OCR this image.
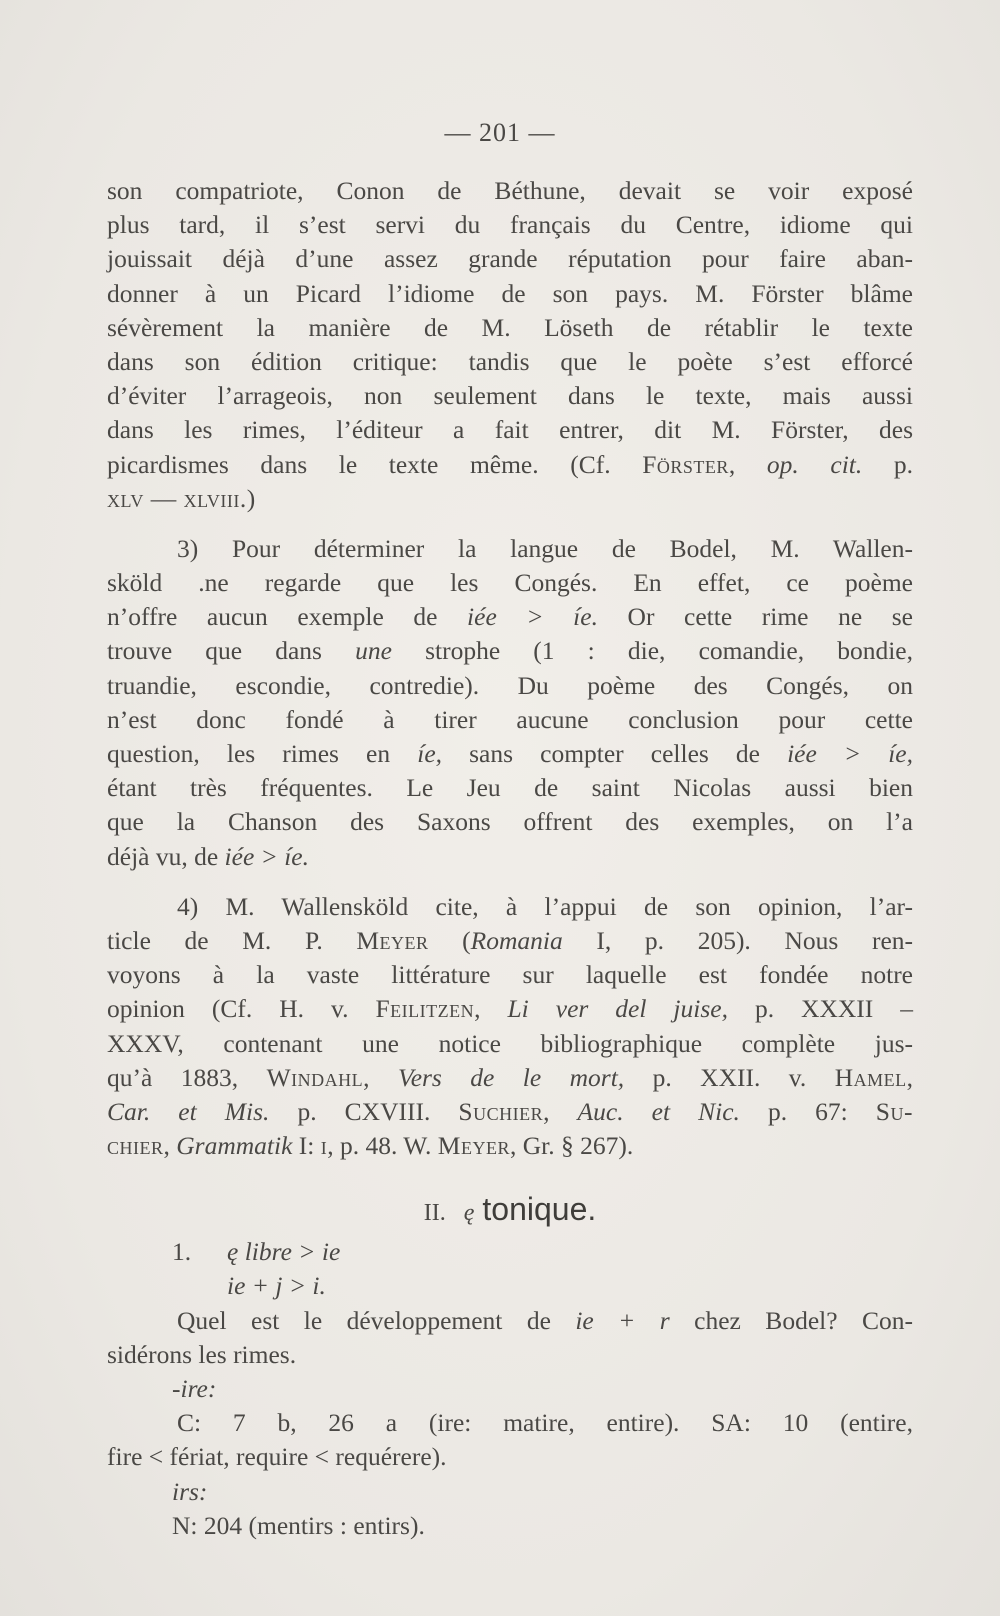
— 201 —
son compatriote, Conon de Béthune, devait se voir exposé
plus tard, il s’est servi du français du Centre, idiome qui
jouissait déjà d’une assez grande réputation pour faire aban-
donner à un Picard l’idiome de son pays. M. Förster blâme
sévèrement la manière de M. Löseth de rétablir le texte
dans son édition critique: tandis que le poète s’est efforcé
d’éviter l’arrageois, non seulement dans le texte, mais aussi
dans les rimes, l’éditeur a fait entrer, dit M. Förster, des
picardismes dans le texte même. (Cf. Förster, op. cit. p.
xlv — xlviii.)
3) Pour déterminer la langue de Bodel, M. Wallen-
sköld .ne regarde que les Congés. En effet, ce poème
n’offre aucun exemple de iée > íe. Or cette rime ne se
trouve que dans une strophe (1 : die, comandie, bondie,
truandie, escondie, contredie). Du poème des Congés, on
n’est donc fondé à tirer aucune conclusion pour cette
question, les rimes en íe, sans compter celles de iée > íe,
étant très fréquentes. Le Jeu de saint Nicolas aussi bien
que la Chanson des Saxons offrent des exemples, on l’a
déjà vu, de iée > íe.
4) M. Wallensköld cite, à l’appui de son opinion, l’ar-
ticle de M. P. Meyer (Romania I, p. 205). Nous ren-
voyons à la vaste littérature sur laquelle est fondée notre
opinion (Cf. H. v. Feilitzen, Li ver del juise, p. XXXII –
XXXV, contenant une notice bibliographique complète jus-
qu’à 1883, Windahl, Vers de le mort, p. XXII. v. Hamel,
Car. et Mis. p. CXVIII. Suchier, Auc. et Nic. p. 67: Su-
chier, Grammatik I: i, p. 48. W. Meyer, Gr. § 267).
II. ę tonique.
1. ę libre > ie
ie + j > i.
Quel est le développement de ie + r chez Bodel? Con-
sidérons les rimes.
-ire:
C: 7 b, 26 a (ire: matire, entire). SA: 10 (entire,
fire < fériat, require < requérere).
irs:
N: 204 (mentirs : entirs).
